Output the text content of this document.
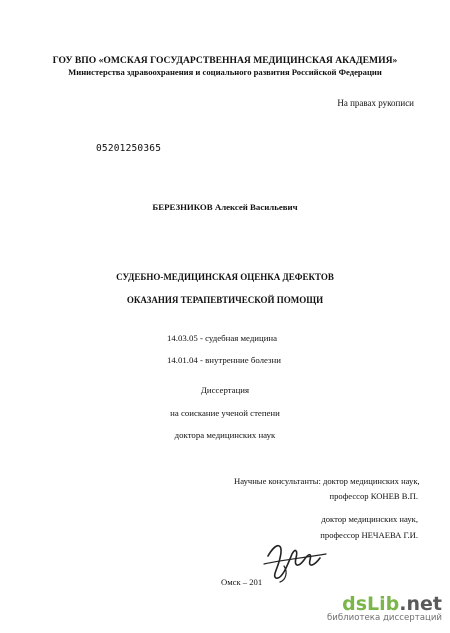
ГОУ ВПО «ОМСКАЯ ГОСУДАРСТВЕННАЯ МЕДИЦИНСКАЯ АКАДЕМИЯ»
Министерства здравоохранения и социального развития Российской Федерации
На правах рукописи
05201250365
БЕРЕЗНИКОВ Алексей Васильевич
СУДЕБНО-МЕДИЦИНСКАЯ ОЦЕНКА ДЕФЕКТОВ
ОКАЗАНИЯ ТЕРАПЕВТИЧЕСКОЙ ПОМОЩИ
14.03.05 - судебная медицина
14.01.04 - внутренние болезни
Диссертация
на соискание ученой степени
доктора медицинских наук
Научные консультанты: доктор медицинских наук,
профессор КОНЕВ В.П.
доктор медицинских наук,
профессор НЕЧАЕВА Г.И.
Омск – 201
dsLib.net
библиотека диссертаций
